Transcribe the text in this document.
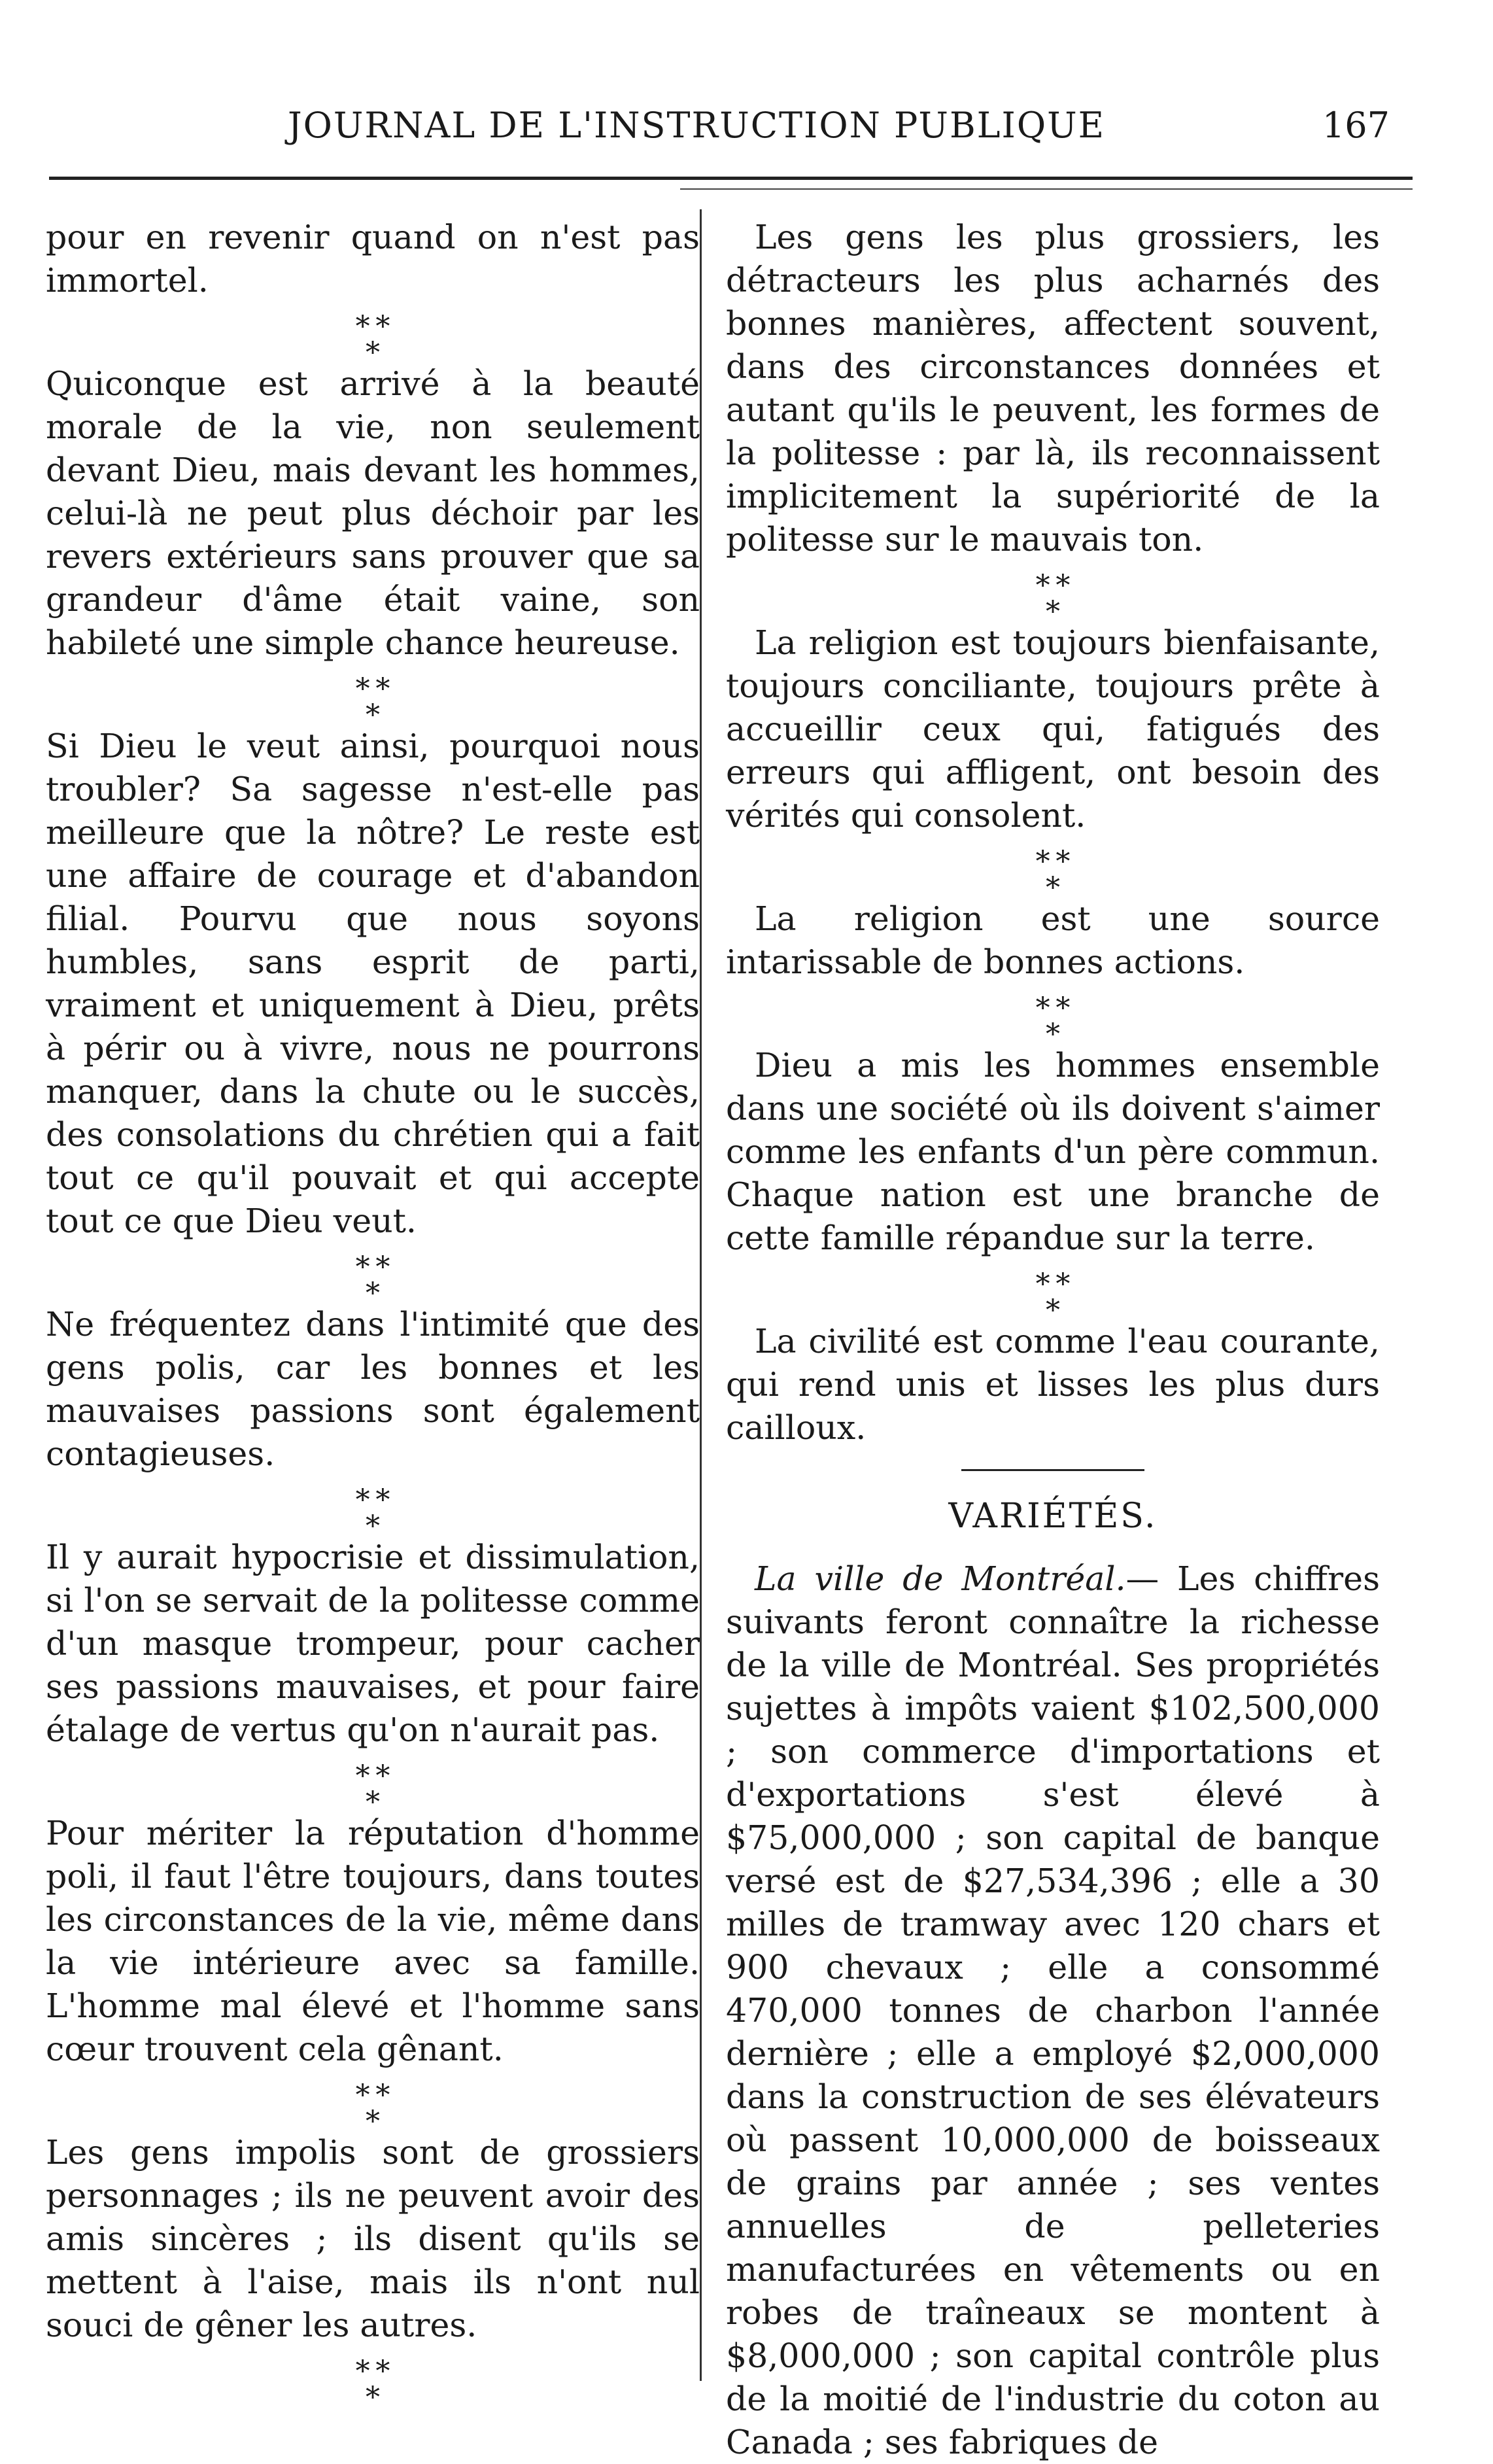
JOURNAL DE L'INSTRUCTION PUBLIQUE	167

pour en revenir quand on n'est pas immortel.

* *
*

Quiconque est arrivé à la beauté morale de la vie, non seulement devant Dieu, mais devant les hommes, celui-là ne peut plus déchoir par les revers extérieurs sans prouver que sa grandeur d'âme était vaine, son habileté une simple chance heureuse.

* *
*

Si Dieu le veut ainsi, pourquoi nous troubler? Sa sagesse n'est-elle pas meilleure que la nôtre? Le reste est une affaire de courage et d'abandon filial. Pourvu que nous soyons humbles, sans esprit de parti, vraiment et uniquement à Dieu, prêts à périr ou à vivre, nous ne pourrons manquer, dans la chute ou le succès, des consolations du chrétien qui a fait tout ce qu'il pouvait et qui accepte tout ce que Dieu veut.

* *
*

Ne fréquentez dans l'intimité que des gens polis, car les bonnes et les mauvaises passions sont également contagieuses.

* *
*

Il y aurait hypocrisie et dissimulation, si l'on se servait de la politesse comme d'un masque trompeur, pour cacher ses passions mauvaises, et pour faire étalage de vertus qu'on n'aurait pas.

* *
*

Pour mériter la réputation d'homme poli, il faut l'être toujours, dans toutes les circonstances de la vie, même dans la vie intérieure avec sa famille. L'homme mal élevé et l'homme sans cœur trouvent cela gênant.

* *
*

Les gens impolis sont de grossiers personnages ; ils ne peuvent avoir des amis sincères ; ils disent qu'ils se mettent à l'aise, mais ils n'ont nul souci de gêner les autres.

* *
*

Les gens les plus grossiers, les détracteurs les plus acharnés des bonnes manières, affectent souvent, dans des circonstances données et autant qu'ils le peuvent, les formes de la politesse : par là, ils reconnaissent implicitement la supériorité de la politesse sur le mauvais ton.

* *
*

La religion est toujours bienfaisante, toujours conciliante, toujours prête à accueillir ceux qui, fatigués des erreurs qui affligent, ont besoin des vérités qui consolent.

* *
*

La religion est une source intarissable de bonnes actions.

* *
*

Dieu a mis les hommes ensemble dans une société où ils doivent s'aimer comme les enfants d'un père commun. Chaque nation est une branche de cette famille répandue sur la terre.

* *
*

La civilité est comme l'eau courante, qui rend unis et lisses les plus durs cailloux.

VARIÉTÉS.

La ville de Montréal.— Les chiffres suivants feront connaître la richesse de la ville de Montréal. Ses propriétés sujettes à impôts vaient $102,500,000 ; son commerce d'importations et d'exportations s'est élevé à $75,000,000 ; son capital de banque versé est de $27,534,396 ; elle a 30 milles de tramway avec 120 chars et 900 chevaux ; elle a consommé 470,000 tonnes de charbon l'année dernière ; elle a employé $2,000,000 dans la construction de ses élévateurs où passent 10,000,000 de boisseaux de grains par année ; ses ventes annuelles de pelleteries manufacturées en vêtements ou en robes de traîneaux se montent à $8,000,000 ; son capital contrôle plus de la moitié de l'industrie du coton au Canada ; ses fabriques de
